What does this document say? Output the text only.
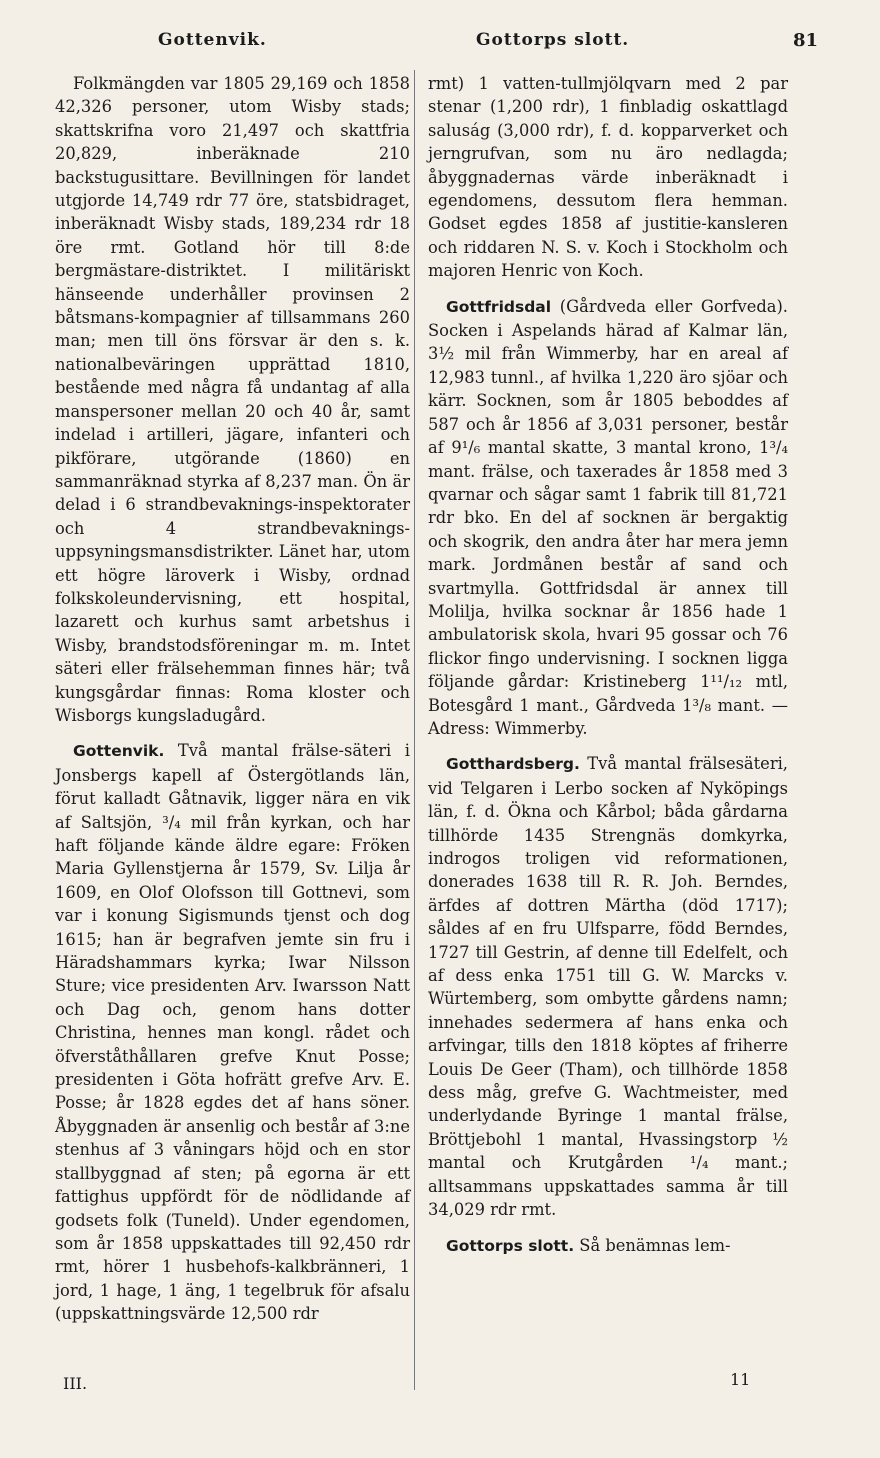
Gottenvik.	Gottorps slott.	81

Folkmängden var 1805 29,169 och 1858 42,326 personer, utom Wisby stads; skattskrifna voro 21,497 och skattfria 20,829, inberäknade 210 backstugusittare. Bevillningen för landet utgjorde 14,749 rdr 77 öre, statsbidraget, inberäknadt Wisby stads, 189,234 rdr 18 öre rmt. Gotland hör till 8:de bergmästare-distriktet. I militäriskt hänseende underhåller provinsen 2 båtsmans-kompagnier af tillsammans 260 man; men till öns försvar är den s. k. nationalbeväringen upprättad 1810, bestående med några få undantag af alla manspersoner mellan 20 och 40 år, samt indelad i artilleri, jägare, infanteri och pikförare, utgörande (1860) en sammanräknad styrka af 8,237 man. Ön är delad i 6 strandbevaknings-inspektorater och 4 strandbevaknings-uppsyningsmansdistrikter. Länet har, utom ett högre läroverk i Wisby, ordnad folkskoleundervisning, ett hospital, lazarett och kurhus samt arbetshus i Wisby, brandstodsföreningar m. m. Intet säteri eller frälsehemman finnes här; två kungsgårdar finnas: Roma kloster och Wisborgs kungsladugård.

Gottenvik. Två mantal frälse-säteri i Jonsbergs kapell af Östergötlands län, förut kalladt Gåtnavik, ligger nära en vik af Saltsjön, ³/₄ mil från kyrkan, och har haft följande kände äldre egare: Fröken Maria Gyllenstjerna år 1579, Sv. Lilja år 1609, en Olof Olofsson till Gottnevi, som var i konung Sigismunds tjenst och dog 1615; han är begrafven jemte sin fru i Häradshammars kyrka; Iwar Nilsson Sture; vice presidenten Arv. Iwarsson Natt och Dag och, genom hans dotter Christina, hennes man kongl. rådet och öfverståthållaren grefve Knut Posse; presidenten i Göta hofrätt grefve Arv. E. Posse; år 1828 egdes det af hans söner. Åbyggnaden är ansenlig och består af 3:ne stenhus af 3 våningars höjd och en stor stallbyggnad af sten; på egorna är ett fattighus uppfördt för de nödlidande af godsets folk (Tuneld). Under egendomen, som år 1858 uppskattades till 92,450 rdr rmt, hörer 1 husbehofs-kalkbränneri, 1 jord, 1 hage, 1 äng, 1 tegelbruk för afsalu (uppskattningsvärde 12,500 rdr

rmt) 1 vatten-tullmjölqvarn med 2 par stenar (1,200 rdr), 1 finbladig oskattlagd saluság (3,000 rdr), f. d. kopparverket och jerngrufvan, som nu äro nedlagda; åbyggnadernas värde inberäknadt i egendomens, dessutom flera hemman. Godset egdes 1858 af justitie-kansleren och riddaren N. S. v. Koch i Stockholm och majoren Henric von Koch.

Gottfridsdal (Gårdveda eller Gorfveda). Socken i Aspelands härad af Kalmar län, 3½ mil från Wimmerby, har en areal af 12,983 tunnl., af hvilka 1,220 äro sjöar och kärr. Socknen, som år 1805 beboddes af 587 och år 1856 af 3,031 personer, består af 9¹/₆ mantal skatte, 3 mantal krono, 1³/₄ mant. frälse, och taxerades år 1858 med 3 qvarnar och sågar samt 1 fabrik till 81,721 rdr bko. En del af socknen är bergaktig och skogrik, den andra åter har mera jemn mark. Jordmånen består af sand och svartmylla. Gottfridsdal är annex till Molilja, hvilka socknar år 1856 hade 1 ambulatorisk skola, hvari 95 gossar och 76 flickor fingo undervisning. I socknen ligga följande gårdar: Kristineberg 1¹¹/₁₂ mtl, Botesgård 1 mant., Gårdveda 1³/₈ mant. — Adress: Wimmerby.

Gotthardsberg. Två mantal frälsesäteri, vid Telgaren i Lerbo socken af Nyköpings län, f. d. Ökna och Kårbol; båda gårdarna tillhörde 1435 Strengnäs domkyrka, indrogos troligen vid reformationen, donerades 1638 till R. R. Joh. Berndes, ärfdes af dottren Märtha (död 1717); såldes af en fru Ulfsparre, född Berndes, 1727 till Gestrin, af denne till Edelfelt, och af dess enka 1751 till G. W. Marcks v. Würtemberg, som ombytte gårdens namn; innehades sedermera af hans enka och arfvingar, tills den 1818 köptes af friherre Louis De Geer (Tham), och tillhörde 1858 dess måg, grefve G. Wachtmeister, med underlydande Byringe 1 mantal frälse, Bröttjebohl 1 mantal, Hvassingstorp ½ mantal och Krutgården ¹/₄ mant.; alltsammans uppskattades samma år till 34,029 rdr rmt.

Gottorps slott. Så benämnas lem-

III.	11
